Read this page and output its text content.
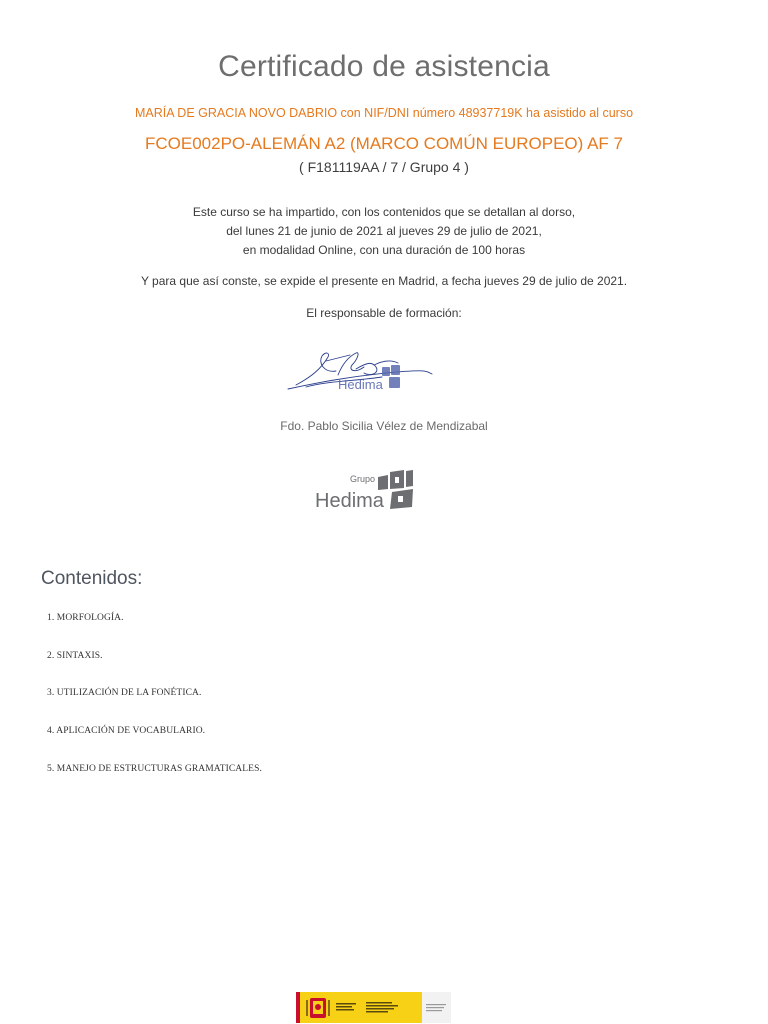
Certificado de asistencia
MARÍA DE GRACIA NOVO DABRIO con NIF/DNI número 48937719K ha asistido al curso
FCOE002PO-ALEMÁN A2 (MARCO COMÚN EUROPEO) AF 7
( F181119AA / 7 / Grupo 4 )
Este curso se ha impartido, con los contenidos que se detallan al dorso,
del lunes 21 de junio de 2021 al jueves 29 de julio de 2021,
en modalidad Online, con una duración de 100 horas
Y para que así conste, se expide el presente en Madrid, a fecha jueves 29 de julio de 2021.
El responsable de formación:
Hedima
Fdo. Pablo Sicilia Vélez de Mendizabal
Grupo
Hedima
Contenidos:
1. MORFOLOGÍA.
2. SINTAXIS.
3. UTILIZACIÓN DE LA FONÉTICA.
4. APLICACIÓN DE VOCABULARIO.
5. MANEJO DE ESTRUCTURAS GRAMATICALES.
